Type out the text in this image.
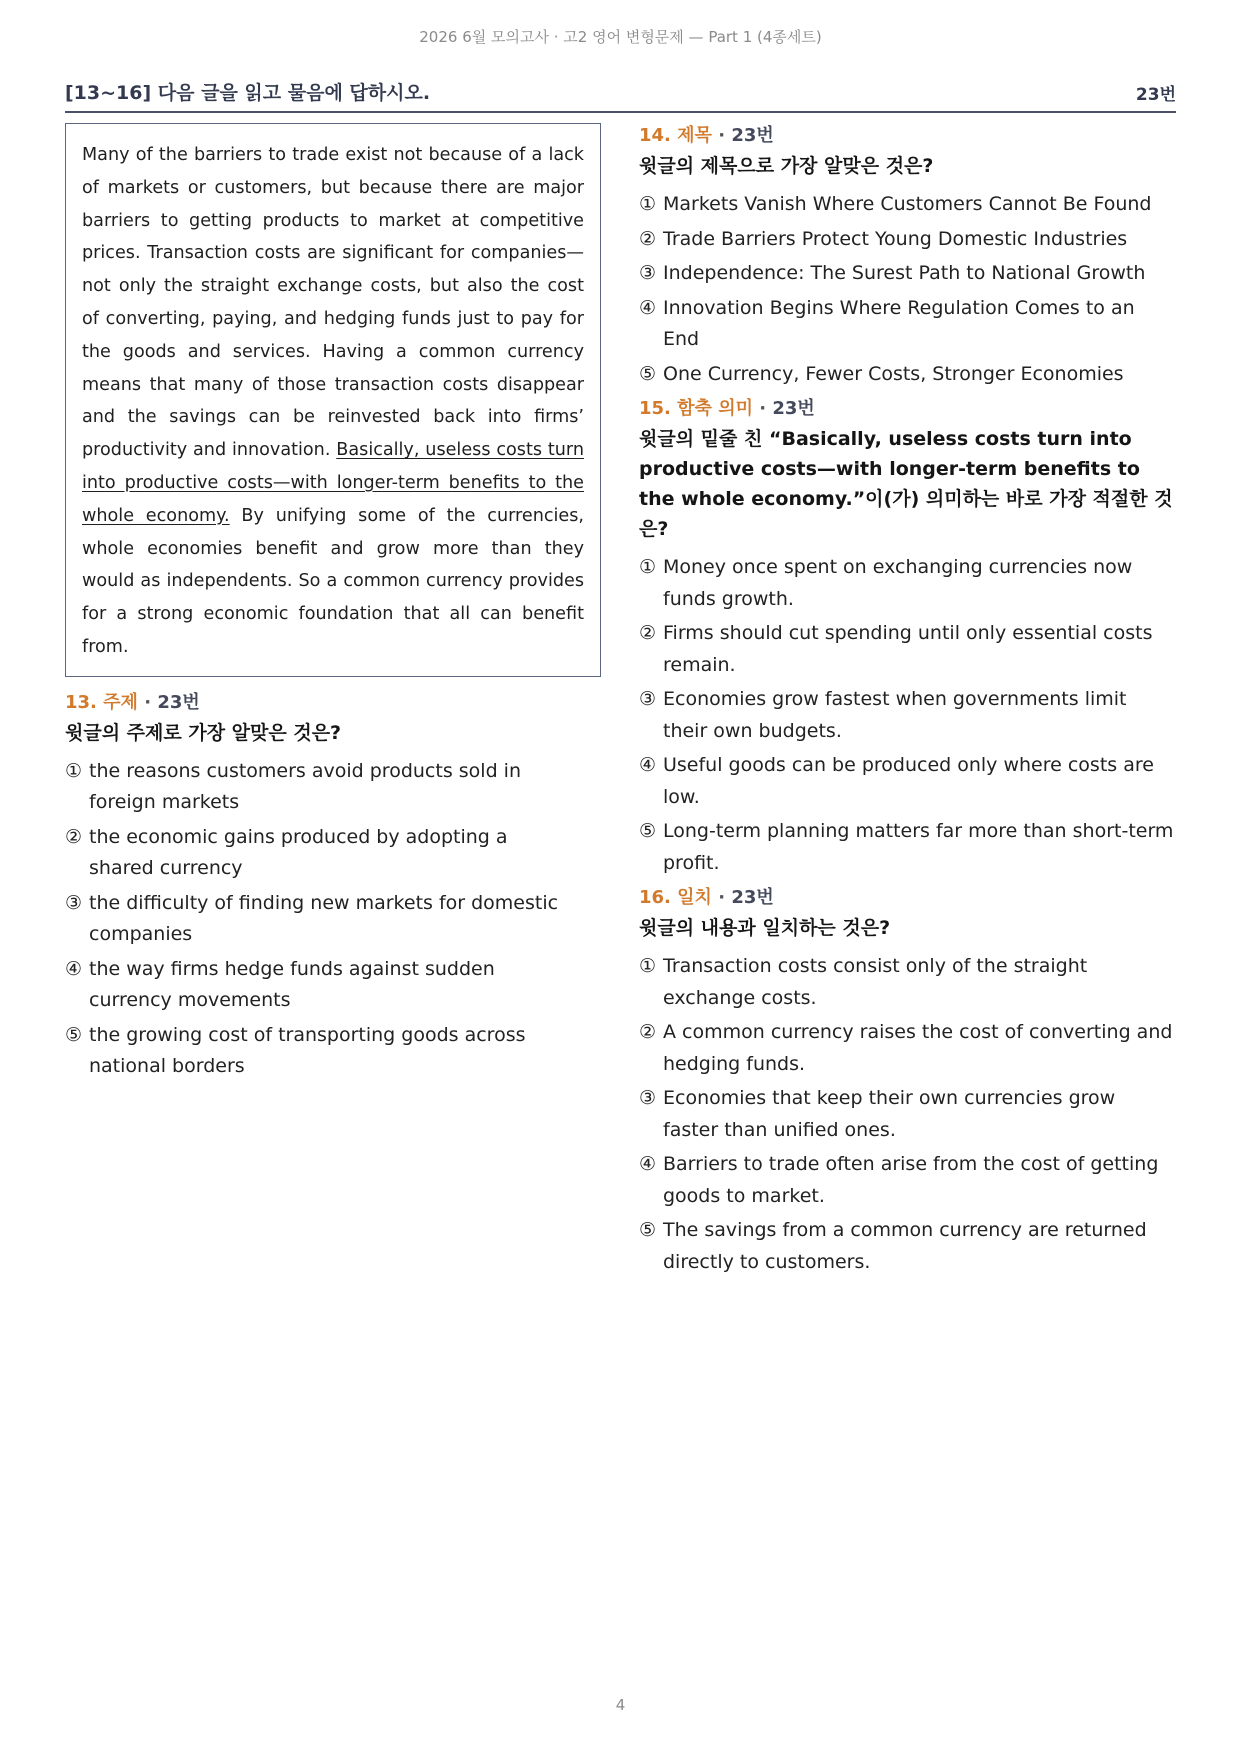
2026 6월 모의고사 · 고2 영어 변형문제 — Part 1 (4종세트)
[13~16] 다음 글을 읽고 물음에 답하시오.	23번
Many of the barriers to trade exist not because of a lack of markets or customers, but because there are major barriers to getting products to market at competitive prices. Transaction costs are significant for companies—not only the straight exchange costs, but also the cost of converting, paying, and hedging funds just to pay for the goods and services. Having a common currency means that many of those transaction costs disappear and the savings can be reinvested back into firms’ productivity and innovation. Basically, useless costs turn into productive costs—with longer-term benefits to the whole economy. By unifying some of the currencies, whole economies benefit and grow more than they would as independents. So a common currency provides for a strong economic foundation that all can benefit from.
13. 주제 · 23번
윗글의 주제로 가장 알맞은 것은?
① the reasons customers avoid products sold in foreign markets
② the economic gains produced by adopting a shared currency
③ the difficulty of finding new markets for domestic companies
④ the way firms hedge funds against sudden currency movements
⑤ the growing cost of transporting goods across national borders
14. 제목 · 23번
윗글의 제목으로 가장 알맞은 것은?
① Markets Vanish Where Customers Cannot Be Found
② Trade Barriers Protect Young Domestic Industries
③ Independence: The Surest Path to National Growth
④ Innovation Begins Where Regulation Comes to an End
⑤ One Currency, Fewer Costs, Stronger Economies
15. 함축 의미 · 23번
윗글의 밑줄 친 “Basically, useless costs turn into productive costs—with longer-term benefits to the whole economy.”이(가) 의미하는 바로 가장 적절한 것은?
① Money once spent on exchanging currencies now funds growth.
② Firms should cut spending until only essential costs remain.
③ Economies grow fastest when governments limit their own budgets.
④ Useful goods can be produced only where costs are low.
⑤ Long-term planning matters far more than short-term profit.
16. 일치 · 23번
윗글의 내용과 일치하는 것은?
① Transaction costs consist only of the straight exchange costs.
② A common currency raises the cost of converting and hedging funds.
③ Economies that keep their own currencies grow faster than unified ones.
④ Barriers to trade often arise from the cost of getting goods to market.
⑤ The savings from a common currency are returned directly to customers.
4
